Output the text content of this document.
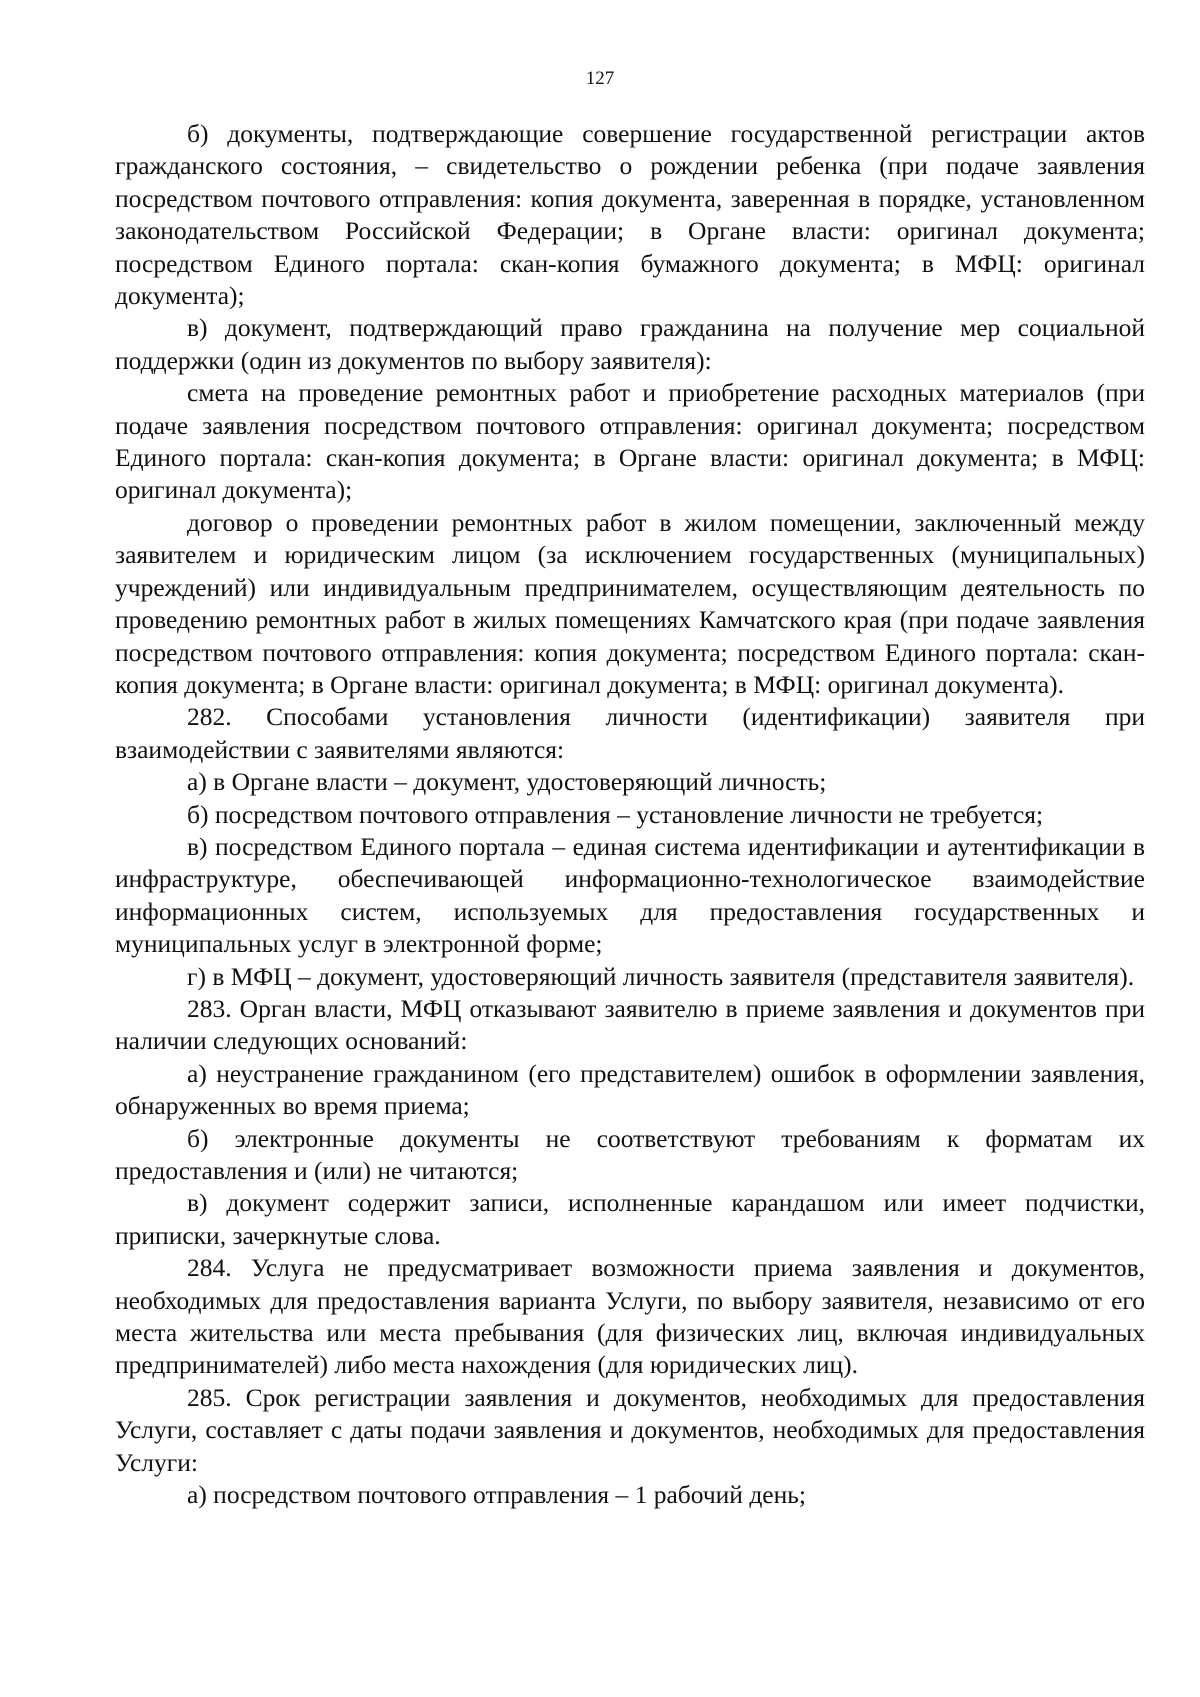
127

б) документы, подтверждающие совершение государственной регистрации актов гражданского состояния, – свидетельство о рождении ребенка (при подаче заявления посредством почтового отправления: копия документа, заверенная в порядке, установленном законодательством Российской Федерации; в Органе власти: оригинал документа; посредством Единого портала: скан-копия бумажного документа; в МФЦ: оригинал документа);

в) документ, подтверждающий право гражданина на получение мер социальной поддержки (один из документов по выбору заявителя):

смета на проведение ремонтных работ и приобретение расходных материалов (при подаче заявления посредством почтового отправления: оригинал документа; посредством Единого портала: скан-копия документа; в Органе власти: оригинал документа; в МФЦ: оригинал документа);

договор о проведении ремонтных работ в жилом помещении, заключенный между заявителем и юридическим лицом (за исключением государственных (муниципальных) учреждений) или индивидуальным предпринимателем, осуществляющим деятельность по проведению ремонтных работ в жилых помещениях Камчатского края (при подаче заявления посредством почтового отправления: копия документа; посредством Единого портала: скан-копия документа; в Органе власти: оригинал документа; в МФЦ: оригинал документа).

282. Способами установления личности (идентификации) заявителя при взаимодействии с заявителями являются:

а) в Органе власти – документ, удостоверяющий личность;

б) посредством почтового отправления – установление личности не требуется;

в) посредством Единого портала – единая система идентификации и аутентификации в инфраструктуре, обеспечивающей информационно-технологическое взаимодействие информационных систем, используемых для предоставления государственных и муниципальных услуг в электронной форме;

г) в МФЦ – документ, удостоверяющий личность заявителя (представителя заявителя).

283. Орган власти, МФЦ отказывают заявителю в приеме заявления и документов при наличии следующих оснований:

а) неустранение гражданином (его представителем) ошибок в оформлении заявления, обнаруженных во время приема;

б) электронные документы не соответствуют требованиям к форматам их предоставления и (или) не читаются;

в) документ содержит записи, исполненные карандашом или имеет подчистки, приписки, зачеркнутые слова.

284. Услуга не предусматривает возможности приема заявления и документов, необходимых для предоставления варианта Услуги, по выбору заявителя, независимо от его места жительства или места пребывания (для физических лиц, включая индивидуальных предпринимателей) либо места нахождения (для юридических лиц).

285. Срок регистрации заявления и документов, необходимых для предоставления Услуги, составляет с даты подачи заявления и документов, необходимых для предоставления Услуги:

а) посредством почтового отправления – 1 рабочий день;
